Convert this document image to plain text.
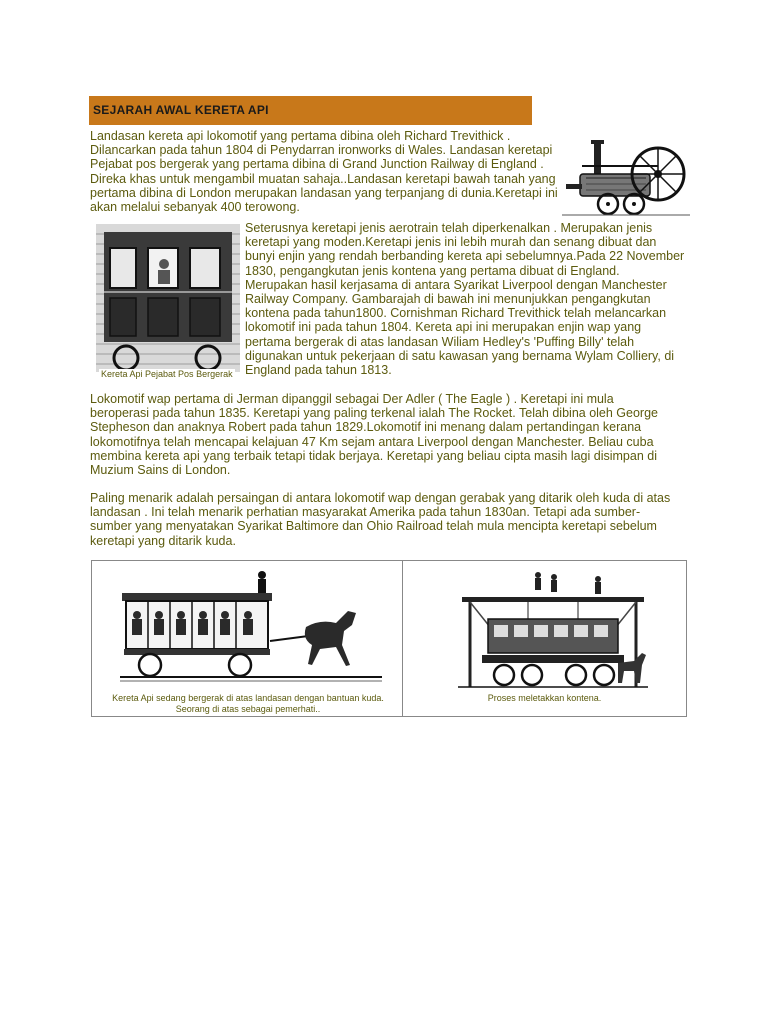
SEJARAH AWAL KERETA API
Landasan kereta api lokomotif yang pertama dibina oleh Richard Trevithick .
Dilancarkan pada tahun 1804 di Penydarran ironworks di Wales. Landasan keretapi
Pejabat pos bergerak yang pertama dibina di Grand Junction Railway di England .
Direka khas untuk mengambil muatan sahaja..Landasan keretapi bawah tanah yang
pertama dibina di London merupakan landasan yang terpanjang di dunia.Keretapi ini
akan melalui sebanyak 400 terowong.
Kereta Api Pejabat Pos Bergerak
Seterusnya keretapi jenis aerotrain telah diperkenalkan . Merupakan jenis
keretapi yang moden.Keretapi jenis ini lebih murah dan senang dibuat dan
bunyi enjin yang rendah berbanding kereta api sebelumnya.Pada 22 November
1830, pengangkutan jenis kontena yang pertama dibuat di England.
Merupakan hasil kerjasama di antara Syarikat Liverpool dengan Manchester
Railway Company. Gambarajah di bawah ini menunjukkan pengangkutan
kontena pada tahun1800. Cornishman Richard Trevithick telah melancarkan
lokomotif ini pada tahun 1804. Kereta api ini merupakan enjin wap yang
pertama bergerak di atas landasan Wiliam Hedley's 'Puffing Billy' telah
digunakan untuk pekerjaan di satu kawasan yang bernama Wylam Colliery, di
England pada tahun 1813.
Lokomotif wap pertama di Jerman dipanggil sebagai Der Adler ( The Eagle ) . Keretapi ini mula
beroperasi pada tahun 1835. Keretapi yang paling terkenal ialah The Rocket. Telah dibina oleh George
Stepheson dan anaknya Robert pada tahun 1829.Lokomotif ini menang dalam pertandingan kerana
lokomotifnya telah mencapai kelajuan 47 Km sejam antara Liverpool dengan Manchester. Beliau cuba
membina kereta api yang terbaik tetapi tidak berjaya. Keretapi yang beliau cipta masih lagi disimpan di
Muzium Sains di London.
Paling menarik adalah persaingan di antara lokomotif wap dengan gerabak yang ditarik oleh kuda di atas
landasan . Ini telah menarik perhatian masyarakat Amerika pada tahun 1830an. Tetapi ada sumber-
sumber yang menyatakan Syarikat Baltimore dan Ohio Railroad telah mula mencipta keretapi sebelum
keretapi yang ditarik kuda.
Kereta Api sedang bergerak di atas landasan dengan bantuan kuda.
Seorang di atas sebagai pemerhati..
Proses meletakkan kontena.
